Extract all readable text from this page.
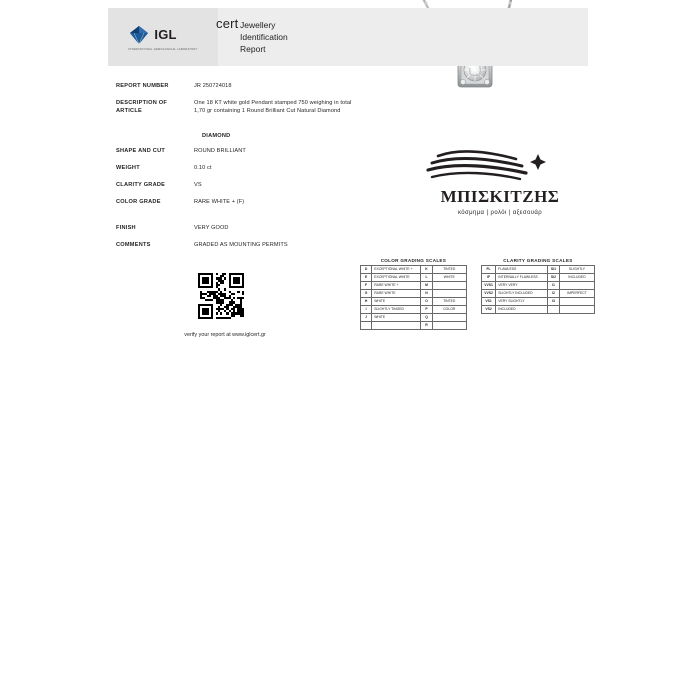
ΜΠΙΣΚΙΤΖΗΣ
κόσμημα | ρολόι | αξεσουάρ
IGL
cert
INTERNATIONAL GEMOLOGICAL LABORATORY
Jewellery
Identification
Report
REPORT NUMBER	JR 250724018
DESCRIPTION OF
ARTICLE
One 18 KT white gold Pendant stamped 750 weighing in total 1,70 gr containing 1 Round Brilliant Cut Natural Diamond
DIAMOND
SHAPE AND CUT	ROUND BRILLIANT
WEIGHT	0.10 ct
CLARITY GRADE	VS
COLOR GRADE	RARE WHITE + (F)
FINISH	VERY GOOD
COMMENTS	GRADED AS MOUNTING PERMITS
verify your report at www.iglcert.gr
COLOR GRADING SCALES
D	EXCEPTIONAL WHITE +	K	TINTED
E	EXCEPTIONAL WHITE	L	WHITE
F	RARE WHITE +	M	
G	RARE WHITE	N	
H	WHITE	O	TINTED
I	SLIGHTLY TINGED	P	COLOR
J	WHITE	Q	
		R	
CLARITY GRADING SCALES
FL	FLAWLESS	SI1	SLIGHTLY
IF	INTERNALLY FLAWLESS	SI2	INCLUDED
VVS1	VERY VERY	I1	
VVS2	SLIGHTLY INCLUDED	I2	IMPERFECT
VS1	VERY SLIGHTLY	I3	
VS2	INCLUDED		
